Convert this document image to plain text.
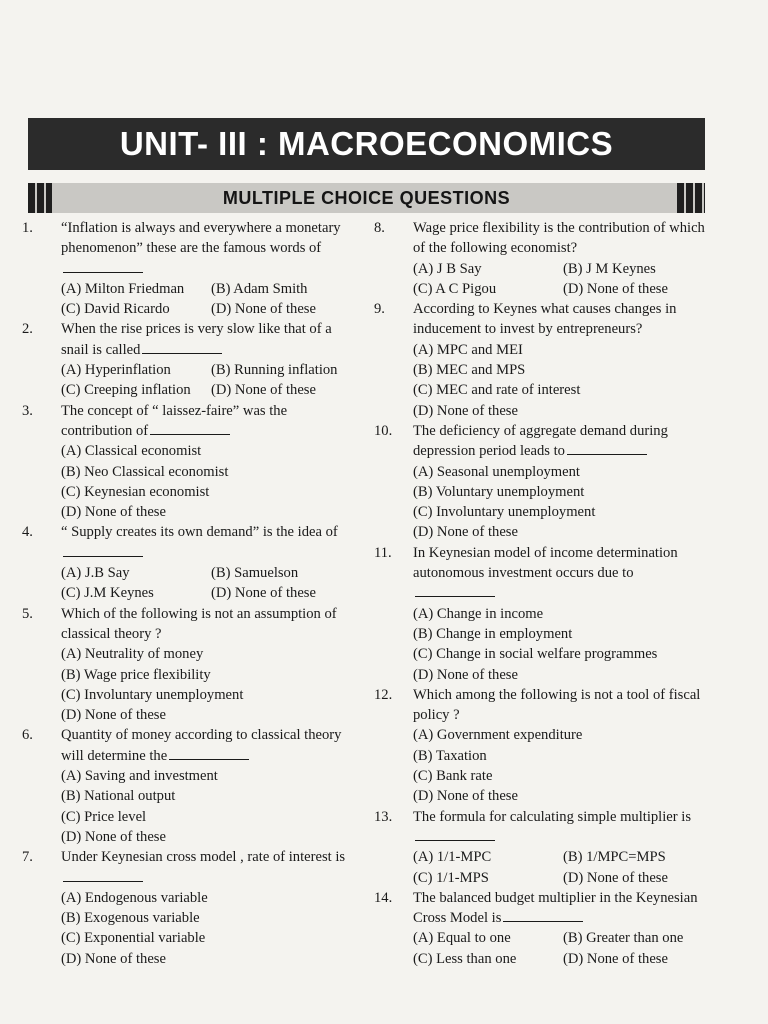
UNIT- III : MACROECONOMICS
MULTIPLE CHOICE QUESTIONS
1.	“Inflation is always and everywhere a monetary phenomenon” these are the famous words of
(A) Milton Friedman	(B) Adam Smith
(C) David Ricardo	(D) None of these
2.	When the rise prices is very slow like that of a snail is called
(A) Hyperinflation	(B) Running inflation
(C) Creeping inflation	(D) None of these
3.	The concept of “ laissez-faire” was the contribution of
(A) Classical economist
(B) Neo Classical economist
(C) Keynesian economist
(D) None of these
4.	“ Supply creates its own demand” is the idea of
(A) J.B Say	(B) Samuelson
(C) J.M Keynes	(D) None of these
5.	Which of the following is not an assumption of classical theory ?
(A) Neutrality of money
(B) Wage price flexibility
(C) Involuntary unemployment
(D) None of these
6.	Quantity of money according to classical theory will determine the
(A) Saving and investment
(B) National output
(C) Price level
(D) None of these
7.	Under Keynesian cross model , rate of interest is
(A) Endogenous variable
(B) Exogenous variable
(C) Exponential variable
(D) None of these
8.	Wage price flexibility is the contribution of which of the following economist?
(A) J B Say	(B) J M Keynes
(C) A C Pigou	(D) None of these
9.	According to Keynes what causes changes in inducement to invest by entrepreneurs?
(A) MPC and MEI
(B) MEC and MPS
(C) MEC and rate of interest
(D) None of these
10.	The deficiency of aggregate demand during depression period leads to
(A) Seasonal unemployment
(B) Voluntary unemployment
(C) Involuntary unemployment
(D) None of these
11.	In Keynesian model of income determination autonomous investment occurs due to
(A) Change in income
(B) Change in employment
(C) Change in social welfare programmes
(D) None of these
12.	Which among the following is not a tool of fiscal policy ?
(A) Government expenditure
(B) Taxation
(C) Bank rate
(D) None of these
13.	The formula for calculating simple multiplier is
(A) 1/1-MPC	(B) 1/MPC=MPS
(C) 1/1-MPS	(D) None of these
14.	The balanced budget multiplier in the Keynesian Cross Model is
(A) Equal to one	(B) Greater than one
(C) Less than one	(D) None of these
